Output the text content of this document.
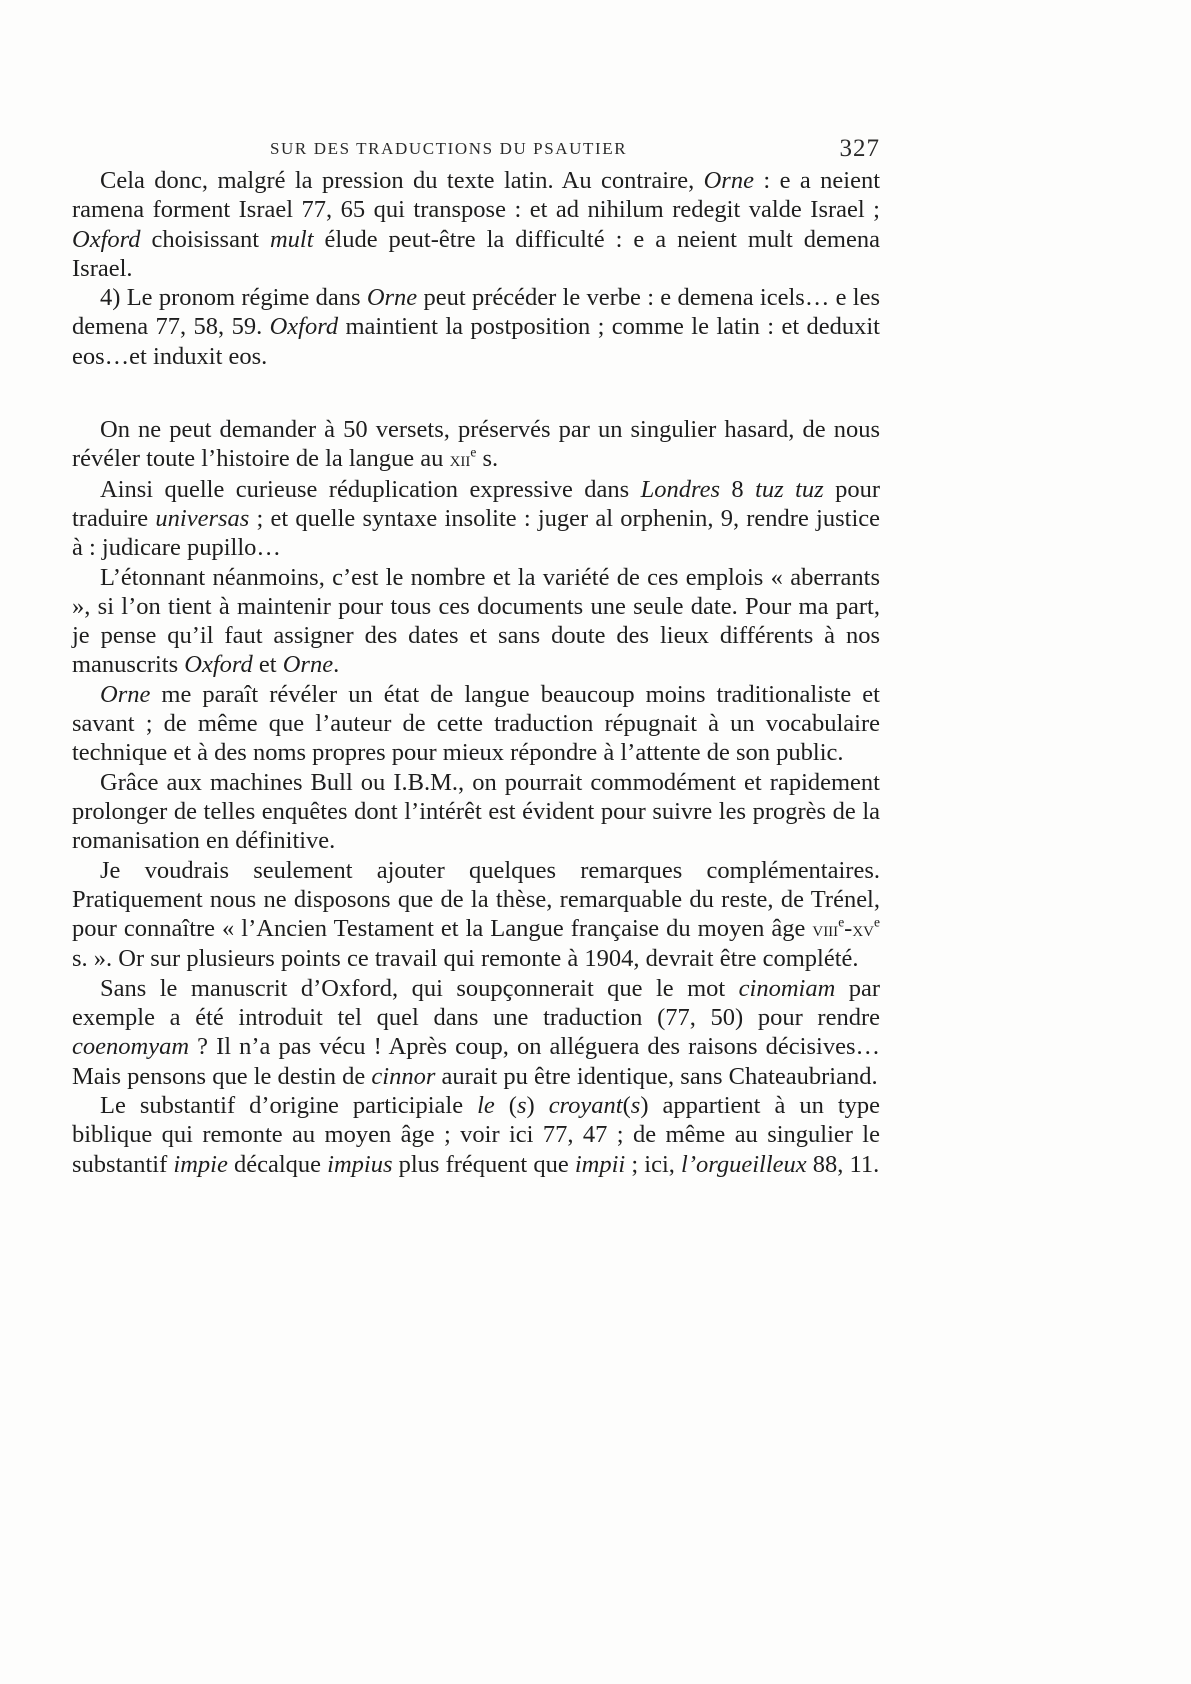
SUR DES TRADUCTIONS DU PSAUTIER	327

Cela donc, malgré la pression du texte latin. Au contraire, Orne : e a neient ramena forment Israel 77, 65 qui transpose : et ad nihilum redegit valde Israel ; Oxford choisissant mult élude peut-être la difficulté : e a neient mult demena Israel.

4) Le pronom régime dans Orne peut précéder le verbe : e demena icels… e les demena 77, 58, 59. Oxford maintient la postposition ; comme le latin : et deduxit eos…et induxit eos.

On ne peut demander à 50 versets, préservés par un singulier hasard, de nous révéler toute l’histoire de la langue au xii$^e$ s.

Ainsi quelle curieuse réduplication expressive dans Londres 8 tuz tuz pour traduire universas ; et quelle syntaxe insolite : juger al orphenin, 9, rendre justice à : judicare pupillo…

L’étonnant néanmoins, c’est le nombre et la variété de ces emplois « aberrants », si l’on tient à maintenir pour tous ces documents une seule date. Pour ma part, je pense qu’il faut assigner des dates et sans doute des lieux différents à nos manuscrits Oxford et Orne.

Orne me paraît révéler un état de langue beaucoup moins traditionaliste et savant ; de même que l’auteur de cette traduction répugnait à un vocabulaire technique et à des noms propres pour mieux répondre à l’attente de son public.

Grâce aux machines Bull ou I.B.M., on pourrait commodément et rapidement prolonger de telles enquêtes dont l’intérêt est évident pour suivre les progrès de la romanisation en définitive.

Je voudrais seulement ajouter quelques remarques complémentaires. Pratiquement nous ne disposons que de la thèse, remarquable du reste, de Trénel, pour connaître « l’Ancien Testament et la Langue française du moyen âge $viii^e-xv^e$ s. ». Or sur plusieurs points ce travail qui remonte à 1904, devrait être complété.

Sans le manuscrit d’Oxford, qui soupçonnerait que le mot cinomiam par exemple a été introduit tel quel dans une traduction (77, 50) pour rendre coenomyam ? Il n’a pas vécu ! Après coup, on alléguera des raisons décisives… Mais pensons que le destin de cinnor aurait pu être identique, sans Chateaubriand.

Le substantif d’origine participiale le (s) croyant(s) appartient à un type biblique qui remonte au moyen âge ; voir ici 77, 47 ; de même au singulier le substantif impie décalque impius plus fréquent que impii ; ici, l’orgueilleux 88, 11.
